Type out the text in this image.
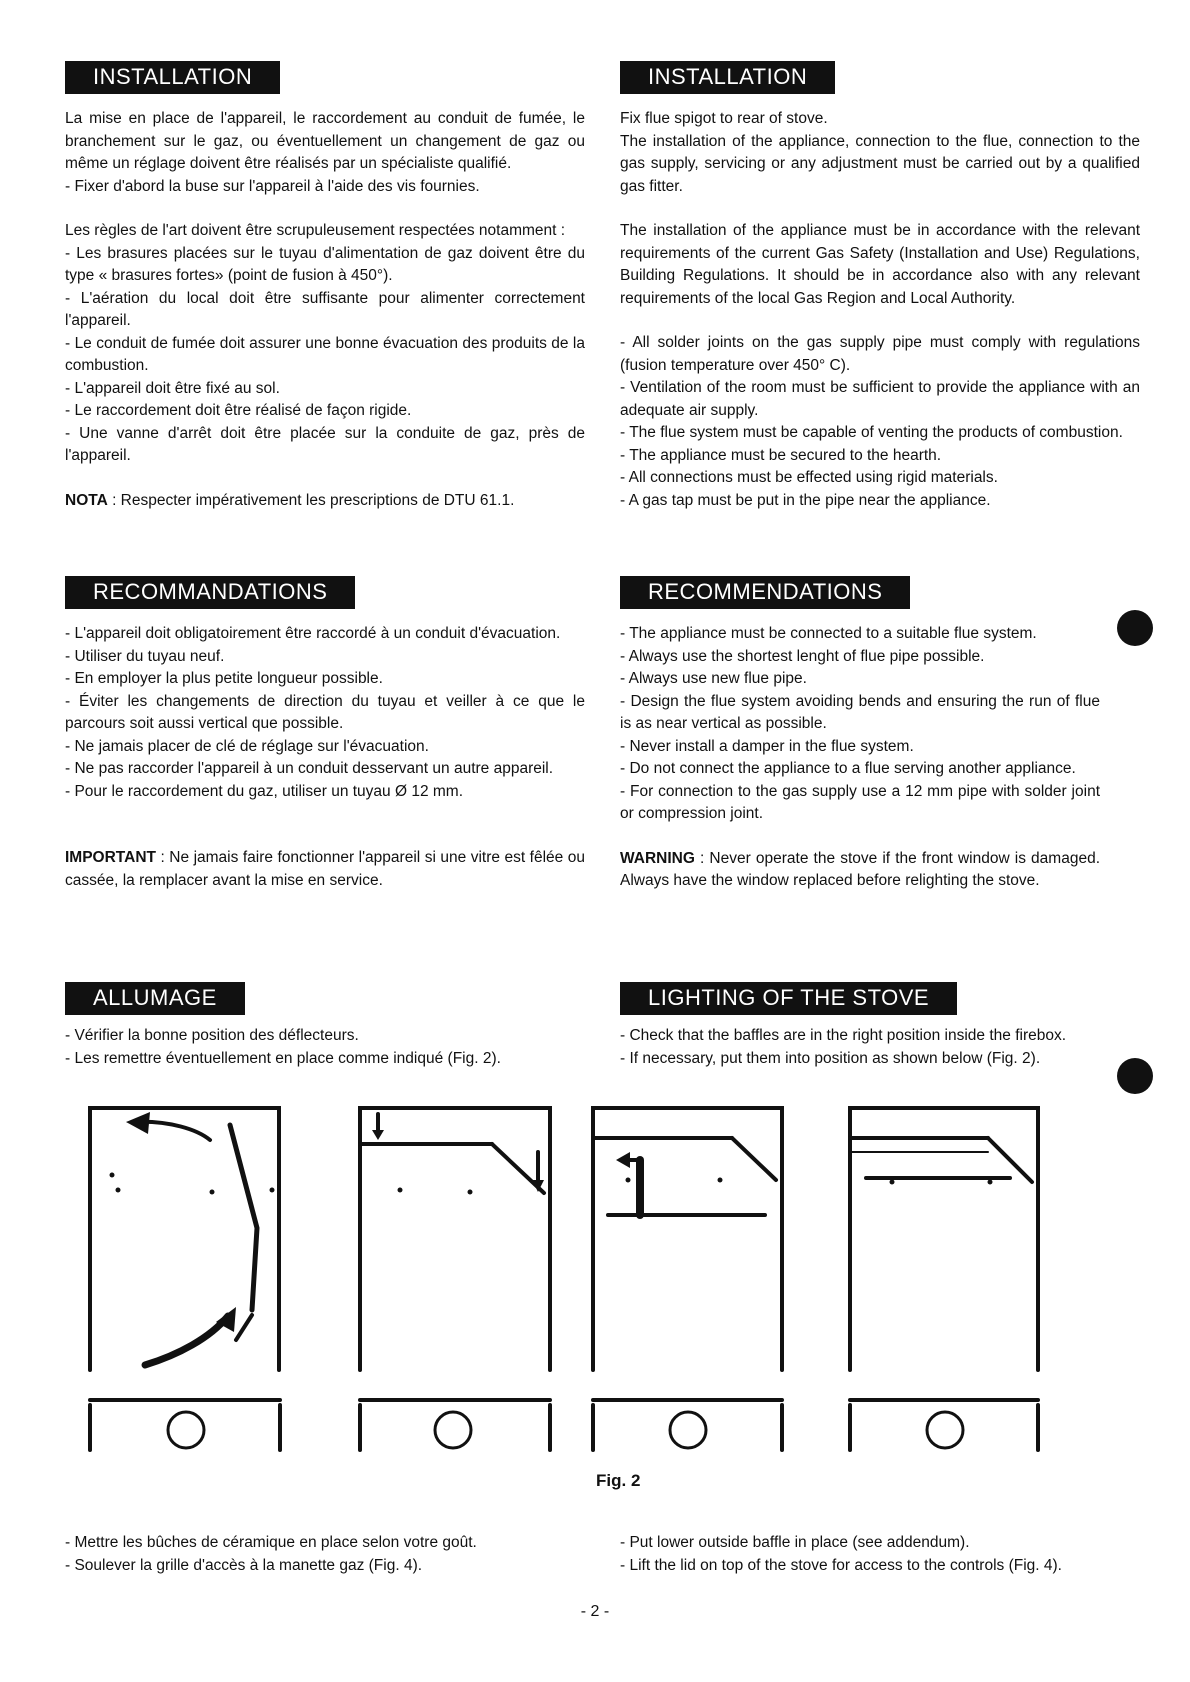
INSTALLATION

La mise en place de l'appareil, le raccordement au conduit de fumée, le branchement sur le gaz, ou éventuellement un changement de gaz ou même un réglage doivent être réalisés par un spécialiste qualifié.

- Fixer d'abord la buse sur l'appareil à l'aide des vis fournies.

Les règles de l'art doivent être scrupuleusement respectées notamment :

- Les brasures placées sur le tuyau d'alimentation de gaz doivent être du type « brasures fortes» (point de fusion à 450°).

- L'aération du local doit être suffisante pour alimenter correctement l'appareil.

- Le conduit de fumée doit assurer une bonne évacuation des produits de la combustion.

- L'appareil doit être fixé au sol.

- Le raccordement doit être réalisé de façon rigide.

- Une vanne d'arrêt doit être placée sur la conduite de gaz, près de l'appareil.

NOTA : Respecter impérativement les prescriptions de DTU 61.1.

INSTALLATION

Fix flue spigot to rear of stove.

The installation of the appliance, connection to the flue, connection to the gas supply, servicing or any adjustment must be carried out by a qualified gas fitter.

The installation of the appliance must be in accordance with the relevant requirements of the current Gas Safety (Installation and Use) Regulations, Building Regulations. It should be in accordance also with any relevant requirements of the local Gas Region and Local Authority.

- All solder joints on the gas supply pipe must comply with regulations (fusion temperature over 450° C).

- Ventilation of the room must be sufficient to provide the appliance with an adequate air supply.

- The flue system must be capable of venting the products of combustion.

- The appliance must be secured to the hearth.

- All connections must be effected using rigid materials.

- A gas tap must be put in the pipe near the appliance.

RECOMMANDATIONS

- L'appareil doit obligatoirement être raccordé à un conduit d'évacuation.

- Utiliser du tuyau neuf.

- En employer la plus petite longueur possible.

- Éviter les changements de direction du tuyau et veiller à ce que le parcours soit aussi vertical que possible.

- Ne jamais placer de clé de réglage sur l'évacuation.

- Ne pas raccorder l'appareil à un conduit desservant un autre appareil.

- Pour le raccordement du gaz, utiliser un tuyau Ø 12 mm.

IMPORTANT : Ne jamais faire fonctionner l'appareil si une vitre est fêlée ou cassée, la remplacer avant la mise en service.

RECOMMENDATIONS

- The appliance must be connected to a suitable flue system.

- Always use the shortest lenght of flue pipe possible.

- Always use new flue pipe.

- Design the flue system avoiding bends and ensuring the run of flue is as near vertical as possible.

- Never install a damper in the flue system.

- Do not connect the appliance to a flue serving another appliance.

- For connection to the gas supply use a 12 mm pipe with solder joint or compression joint.

WARNING : Never operate the stove if the front window is damaged. Always have the window replaced before relighting the stove.

ALLUMAGE

- Vérifier la bonne position des déflecteurs.

- Les remettre éventuellement en place comme indiqué (Fig. 2).

LIGHTING OF THE STOVE

- Check that the baffles are in the right position inside the firebox.

- If necessary, put them into position as shown below (Fig. 2).

Fig. 2

- Mettre les bûches de céramique en place selon votre goût.

- Soulever la grille d'accès à la manette gaz (Fig. 4).

- Put lower outside baffle in place (see addendum).

- Lift the lid on top of the stove for access to the controls (Fig. 4).

- 2 -
